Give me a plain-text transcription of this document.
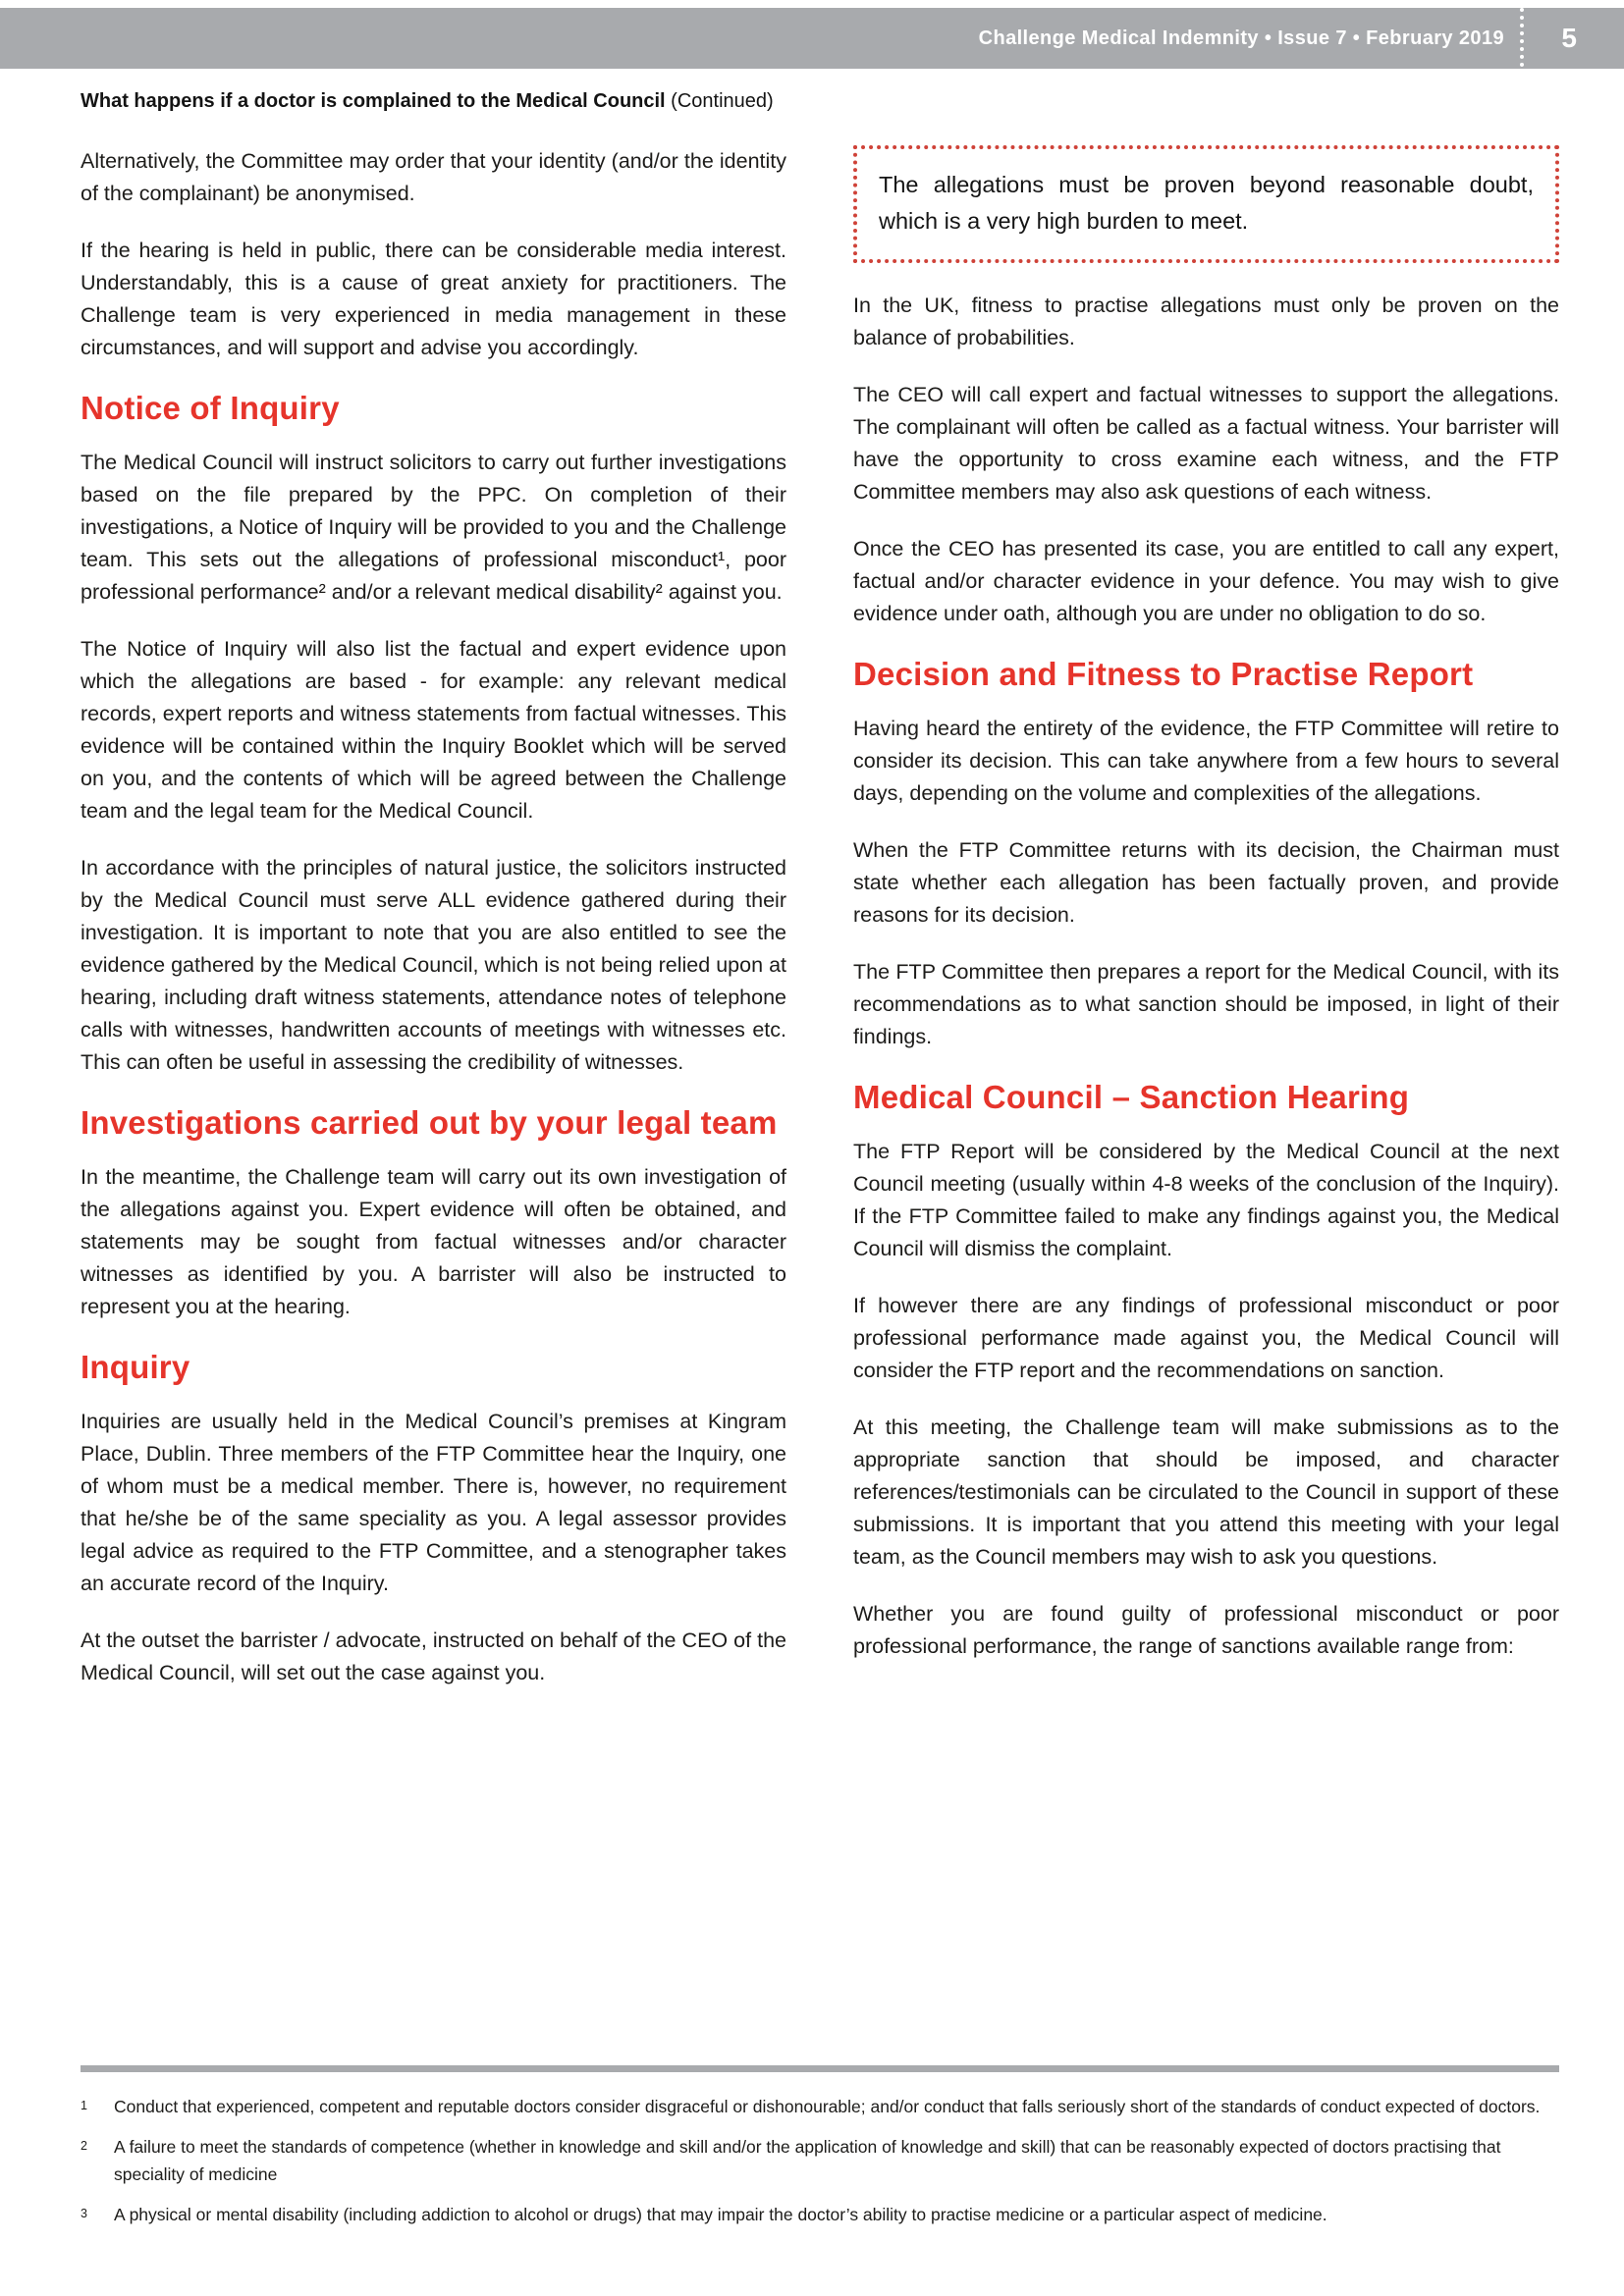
Challenge Medical Indemnity • Issue 7 • February 2019 5
What happens if a doctor is complained to the Medical Council (Continued)

Alternatively, the Committee may order that your identity (and/or the identity of the complainant) be anonymised.

If the hearing is held in public, there can be considerable media interest. Understandably, this is a cause of great anxiety for practitioners. The Challenge team is very experienced in media management in these circumstances, and will support and advise you accordingly.

Notice of Inquiry

The Medical Council will instruct solicitors to carry out further investigations based on the file prepared by the PPC. On completion of their investigations, a Notice of Inquiry will be provided to you and the Challenge team. This sets out the allegations of professional misconduct¹, poor professional performance² and/or a relevant medical disability² against you.

The Notice of Inquiry will also list the factual and expert evidence upon which the allegations are based - for example: any relevant medical records, expert reports and witness statements from factual witnesses. This evidence will be contained within the Inquiry Booklet which will be served on you, and the contents of which will be agreed between the Challenge team and the legal team for the Medical Council.

In accordance with the principles of natural justice, the solicitors instructed by the Medical Council must serve ALL evidence gathered during their investigation. It is important to note that you are also entitled to see the evidence gathered by the Medical Council, which is not being relied upon at hearing, including draft witness statements, attendance notes of telephone calls with witnesses, handwritten accounts of meetings with witnesses etc. This can often be useful in assessing the credibility of witnesses.

Investigations carried out by your legal team

In the meantime, the Challenge team will carry out its own investigation of the allegations against you. Expert evidence will often be obtained, and statements may be sought from factual witnesses and/or character witnesses as identified by you. A barrister will also be instructed to represent you at the hearing.

Inquiry

Inquiries are usually held in the Medical Council’s premises at Kingram Place, Dublin. Three members of the FTP Committee hear the Inquiry, one of whom must be a medical member. There is, however, no requirement that he/she be of the same speciality as you. A legal assessor provides legal advice as required to the FTP Committee, and a stenographer takes an accurate record of the Inquiry.

At the outset the barrister / advocate, instructed on behalf of the CEO of the Medical Council, will set out the case against you.

The allegations must be proven beyond reasonable doubt, which is a very high burden to meet.

In the UK, fitness to practise allegations must only be proven on the balance of probabilities.

The CEO will call expert and factual witnesses to support the allegations. The complainant will often be called as a factual witness. Your barrister will have the opportunity to cross examine each witness, and the FTP Committee members may also ask questions of each witness.

Once the CEO has presented its case, you are entitled to call any expert, factual and/or character evidence in your defence. You may wish to give evidence under oath, although you are under no obligation to do so.

Decision and Fitness to Practise Report

Having heard the entirety of the evidence, the FTP Committee will retire to consider its decision. This can take anywhere from a few hours to several days, depending on the volume and complexities of the allegations.

When the FTP Committee returns with its decision, the Chairman must state whether each allegation has been factually proven, and provide reasons for its decision.

The FTP Committee then prepares a report for the Medical Council, with its recommendations as to what sanction should be imposed, in light of their findings.

Medical Council – Sanction Hearing

The FTP Report will be considered by the Medical Council at the next Council meeting (usually within 4-8 weeks of the conclusion of the Inquiry). If the FTP Committee failed to make any findings against you, the Medical Council will dismiss the complaint.

If however there are any findings of professional misconduct or poor professional performance made against you, the Medical Council will consider the FTP report and the recommendations on sanction.

At this meeting, the Challenge team will make submissions as to the appropriate sanction that should be imposed, and character references/testimonials can be circulated to the Council in support of these submissions. It is important that you attend this meeting with your legal team, as the Council members may wish to ask you questions.

Whether you are found guilty of professional misconduct or poor professional performance, the range of sanctions available range from:

1	Conduct that experienced, competent and reputable doctors consider disgraceful or dishonourable; and/or conduct that falls seriously short of the standards of conduct expected of doctors.
2	A failure to meet the standards of competence (whether in knowledge and skill and/or the application of knowledge and skill) that can be reasonably expected of doctors practising that speciality of medicine
3	A physical or mental disability (including addiction to alcohol or drugs) that may impair the doctor’s ability to practise medicine or a particular aspect of medicine.
